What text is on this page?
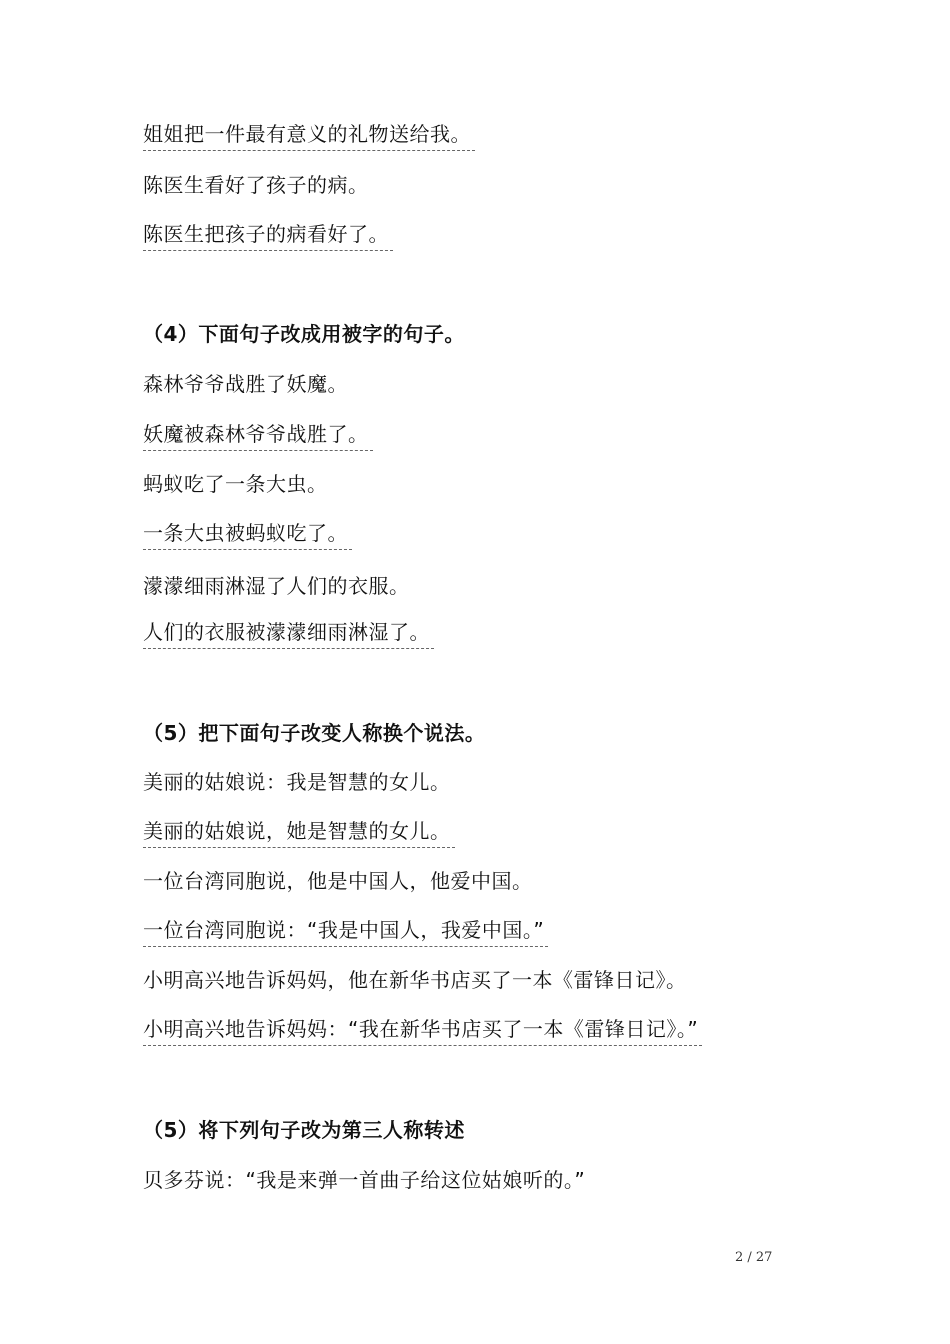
姐姐把一件最有意义的礼物送给我。
陈医生看好了孩子的病。
陈医生把孩子的病看好了。
（4）下面句子改成用被字的句子。
森林爷爷战胜了妖魔。
妖魔被森林爷爷战胜了。
蚂蚁吃了一条大虫。
一条大虫被蚂蚁吃了。
濛濛细雨淋湿了人们的衣服。
人们的衣服被濛濛细雨淋湿了。
（5）把下面句子改变人称换个说法。
美丽的姑娘说：我是智慧的女儿。
美丽的姑娘说，她是智慧的女儿。
一位台湾同胞说，他是中国人，他爱中国。
一位台湾同胞说：“我是中国人，我爱中国。”
小明高兴地告诉妈妈，他在新华书店买了一本《雷锋日记》。
小明高兴地告诉妈妈：“我在新华书店买了一本《雷锋日记》。”
（5）将下列句子改为第三人称转述
贝多芬说：“我是来弹一首曲子给这位姑娘听的。”
2 / 27
